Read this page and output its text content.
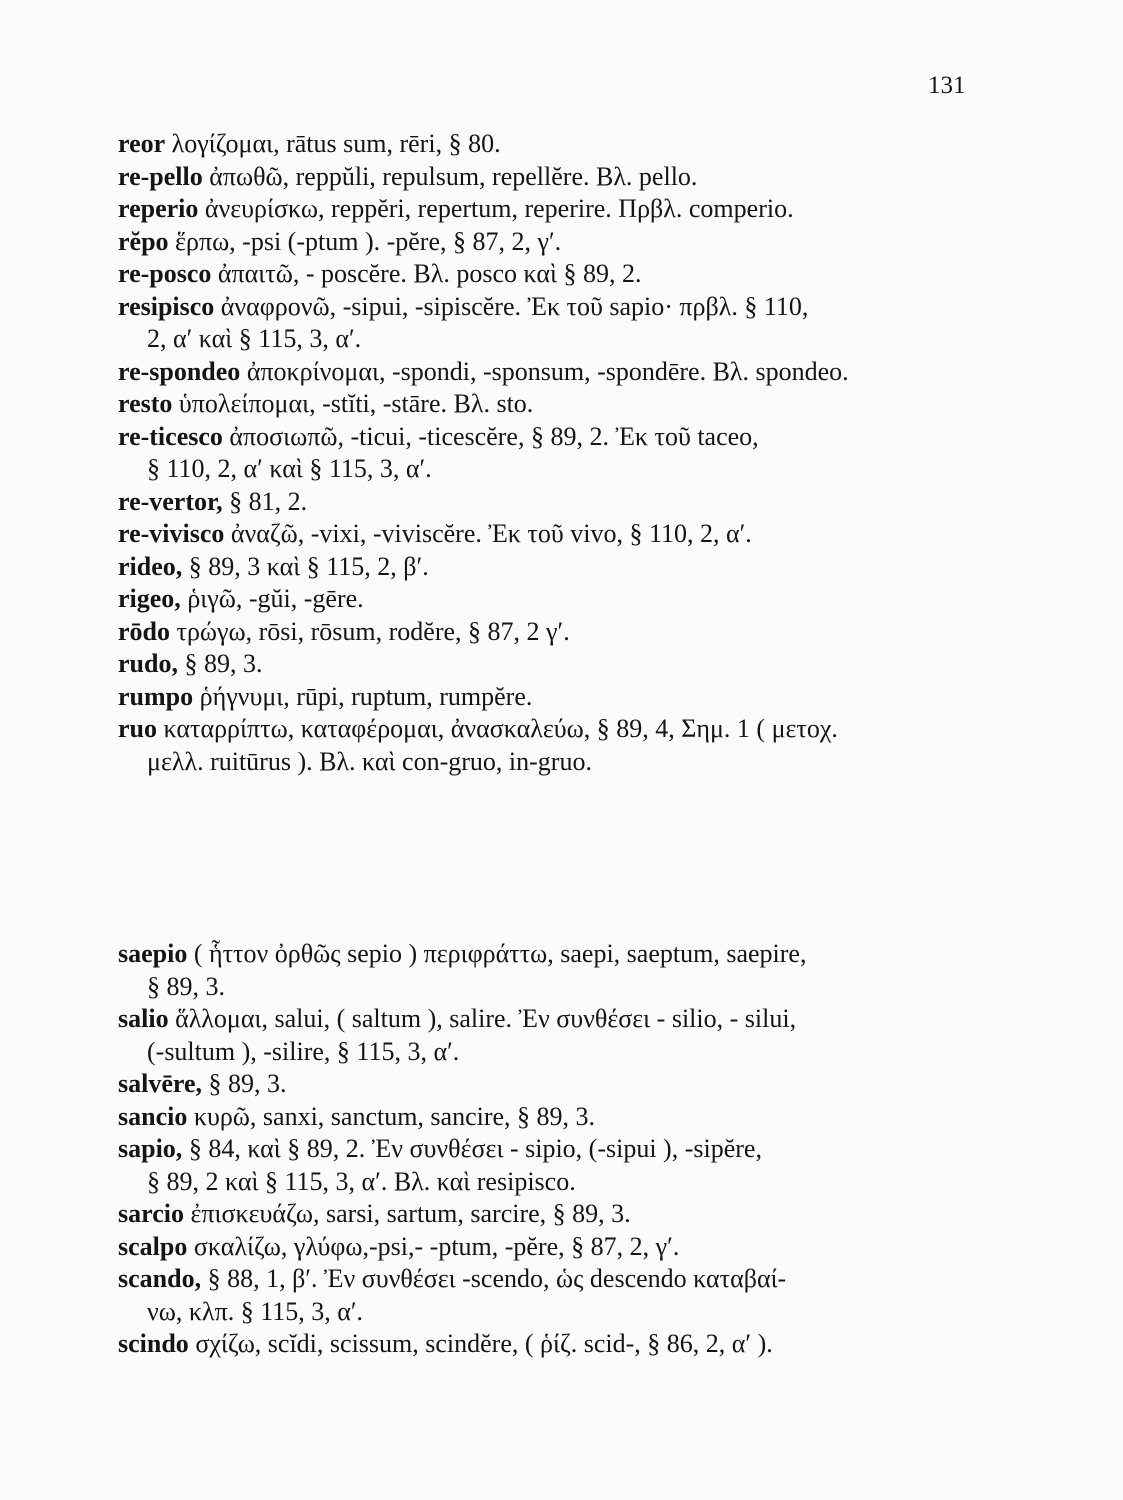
131
reor λογίζομαι, rātus sum, rēri, § 80.
re-pello ἀπωθῶ, reppŭli, repulsum, repellĕre. Βλ. pello.
reperio ἀνευρίσκω, reppĕri, repertum, reperire. Πρβλ. comperio.
rĕpo ἕρπω, -psi (-ptum ). -pĕre, § 87, 2, γ′.
re-posco ἀπαιτῶ, - poscĕre. Βλ. posco καὶ § 89, 2.
resipisco ἀναφρονῶ, -sipui, -sipiscĕre. Ἐκ τοῦ sapio· πρβλ. § 110,
2, α′ καὶ § 115, 3, α′.
re-spondeo ἀποκρίνομαι, -spondi, -sponsum, -spondēre. Βλ. spondeo.
resto ὑπολείπομαι, -stĭti, -stāre. Βλ. sto.
re-ticesco ἀποσιωπῶ, -ticui, -ticescĕre, § 89, 2. Ἐκ τοῦ taceo,
§ 110, 2, α′ καὶ § 115, 3, α′.
re-vertor, § 81, 2.
re-vivisco ἀναζῶ, -vixi, -viviscĕre. Ἐκ τοῦ vivo, § 110, 2, α′.
rideo, § 89, 3 καὶ § 115, 2, β′.
rigeo, ῥιγῶ, -gŭi, -gēre.
rōdo τρώγω, rōsi, rōsum, rodĕre, § 87, 2 γ′.
rudo, § 89, 3.
rumpo ῥήγνυμι, rūpi, ruptum, rumpĕre.
ruo καταρρίπτω, καταφέρομαι, ἀνασκαλεύω, § 89, 4, Σημ. 1 ( μετοχ.
μελλ. ruitūrus ). Βλ. καὶ con-gruo, in-gruo.
saepio ( ἧττον ὀρθῶς sepio ) περιφράττω, saepi, saeptum, saepire,
§ 89, 3.
salio ἅλλομαι, salui, ( saltum ), salire. Ἐν συνθέσει - silio, - silui,
(-sultum ), -silire, § 115, 3, α′.
salvēre, § 89, 3.
sancio κυρῶ, sanxi, sanctum, sancire, § 89, 3.
sapio, § 84, καὶ § 89, 2. Ἐν συνθέσει - sipio, (-sipui ), -sipĕre,
§ 89, 2 καὶ § 115, 3, α′. Βλ. καὶ resipisco.
sarcio ἐπισκευάζω, sarsi, sartum, sarcire, § 89, 3.
scalpo σκαλίζω, γλύφω,-psi,- -ptum, -pĕre, § 87, 2, γ′.
scando, § 88, 1, β′. Ἐν συνθέσει -scendo, ὡς descendo καταβαί-
νω, κλπ. § 115, 3, α′.
scindo σχίζω, scĭdi, scissum, scindĕre, ( ῥίζ. scid-, § 86, 2, α′ ).
